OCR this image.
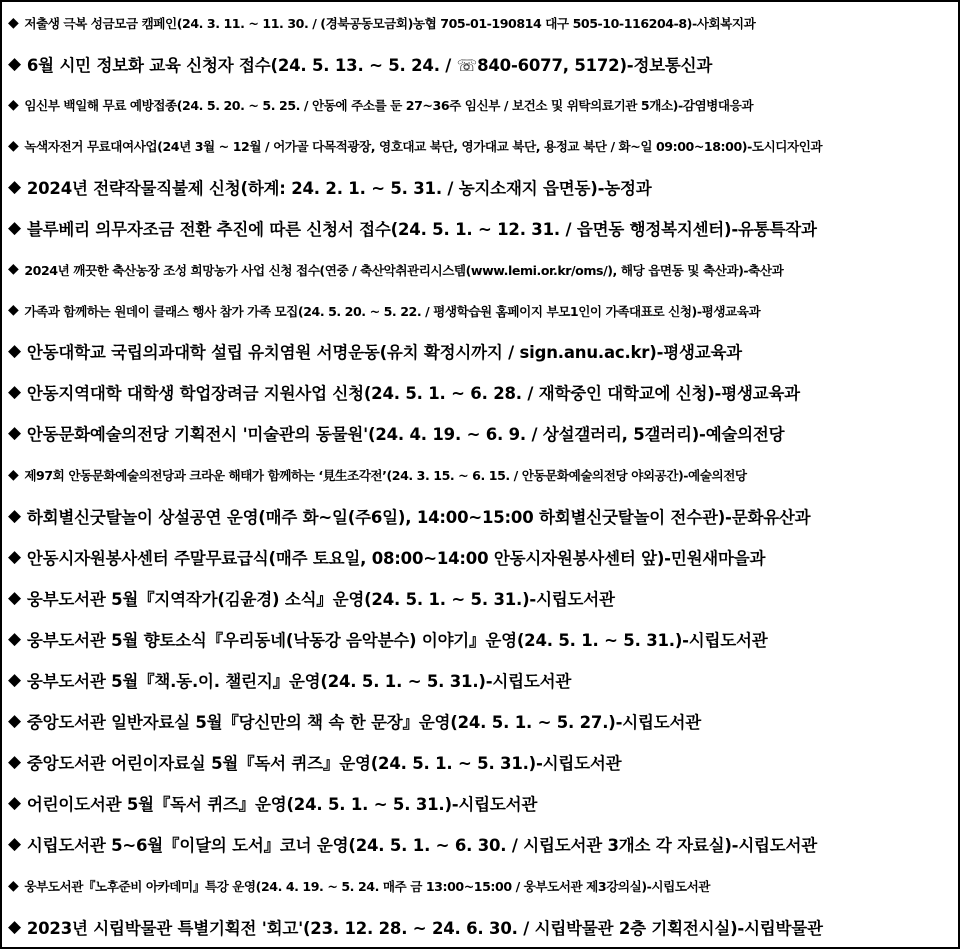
◆ 저출생 극복 성금모금 캠페인(24. 3. 11. ~ 11. 30. / (경북공동모금회)농협 705-01-190814 대구 505-10-116204-8)-사회복지과
◆ 6월 시민 정보화 교육 신청자 접수(24. 5. 13. ~ 5. 24. / ☏840-6077, 5172)-정보통신과
◆ 임신부 백일해 무료 예방접종(24. 5. 20. ~ 5. 25. / 안동에 주소를 둔 27~36주 임신부 / 보건소 및 위탁의료기관 5개소)-감염병대응과
◆ 녹색자전거 무료대여사업(24년 3월 ~ 12월 / 어가골 다목적광장, 영호대교 북단, 영가대교 북단, 용정교 북단 / 화~일 09:00~18:00)-도시디자인과
◆ 2024년 전략작물직불제 신청(하계: 24. 2. 1. ~ 5. 31. / 농지소재지 읍면동)-농정과
◆ 블루베리 의무자조금 전환 추진에 따른 신청서 접수(24. 5. 1. ~ 12. 31. / 읍면동 행정복지센터)-유통특작과
◆ 2024년 깨끗한 축산농장 조성 희망농가 사업 신청 접수(연중 / 축산악취관리시스템(www.lemi.or.kr/oms/), 해당 읍면동 및 축산과)-축산과
◆ 가족과 함께하는 원데이 클래스 행사 참가 가족 모집(24. 5. 20. ~ 5. 22. / 평생학습원 홈페이지 부모1인이 가족대표로 신청)-평생교육과
◆ 안동대학교 국립의과대학 설립 유치염원 서명운동(유치 확정시까지 / sign.anu.ac.kr)-평생교육과
◆ 안동지역대학 대학생 학업장려금 지원사업 신청(24. 5. 1. ~ 6. 28. / 재학중인 대학교에 신청)-평생교육과
◆ 안동문화예술의전당 기획전시 '미술관의 동물원'(24. 4. 19. ~ 6. 9. / 상설갤러리, 5갤러리)-예술의전당
◆ 제97회 안동문화예술의전당과 크라운 해태가 함께하는 ‘見生조각전’(24. 3. 15. ~ 6. 15. / 안동문화예술의전당 야외공간)-예술의전당
◆ 하회별신굿탈놀이 상설공연 운영(매주 화~일(주6일), 14:00~15:00 하회별신굿탈놀이 전수관)-문화유산과
◆ 안동시자원봉사센터 주말무료급식(매주 토요일, 08:00~14:00 안동시자원봉사센터 앞)-민원새마을과
◆ 웅부도서관 5월『지역작가(김윤경) 소식』운영(24. 5. 1. ~ 5. 31.)-시립도서관
◆ 웅부도서관 5월 향토소식『우리동네(낙동강 음악분수) 이야기』운영(24. 5. 1. ~ 5. 31.)-시립도서관
◆ 웅부도서관 5월『책.동.이. 챌린지』운영(24. 5. 1. ~ 5. 31.)-시립도서관
◆ 중앙도서관 일반자료실 5월『당신만의 책 속 한 문장』운영(24. 5. 1. ~ 5. 27.)-시립도서관
◆ 중앙도서관 어린이자료실 5월『독서 퀴즈』운영(24. 5. 1. ~ 5. 31.)-시립도서관
◆ 어린이도서관 5월『독서 퀴즈』운영(24. 5. 1. ~ 5. 31.)-시립도서관
◆ 시립도서관 5~6월『이달의 도서』코너 운영(24. 5. 1. ~ 6. 30. / 시립도서관 3개소 각 자료실)-시립도서관
◆ 웅부도서관『노후준비 아카데미』특강 운영(24. 4. 19. ~ 5. 24. 매주 금 13:00~15:00 / 웅부도서관 제3강의실)-시립도서관
◆ 2023년 시립박물관 특별기획전 '회고'(23. 12. 28. ~ 24. 6. 30. / 시립박물관 2층 기획전시실)-시립박물관
